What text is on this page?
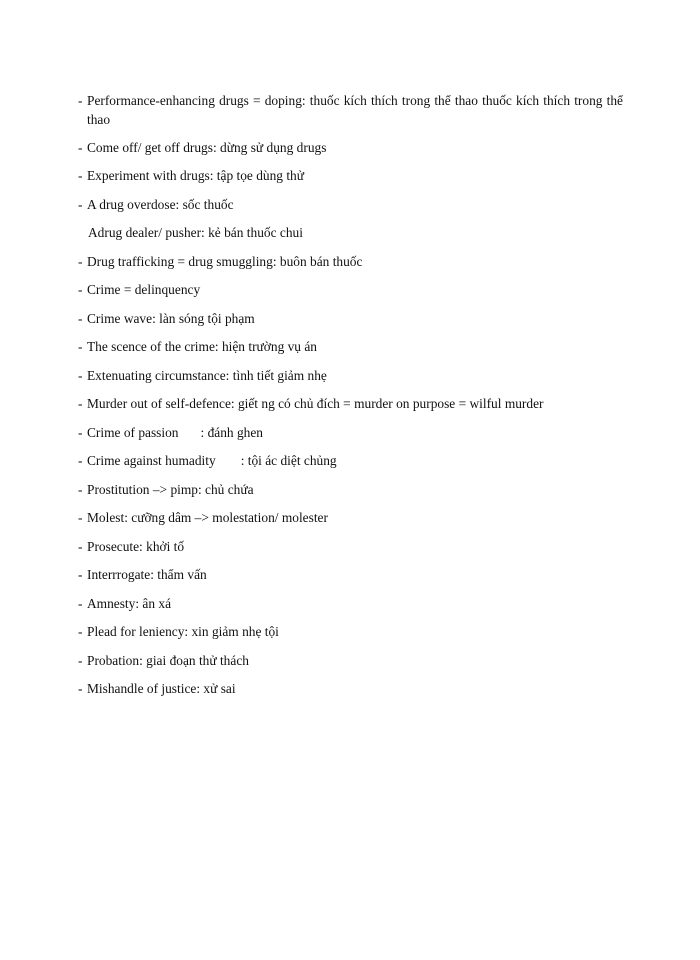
- Performance-enhancing drugs = doping: thuốc kích thích trong thể thao thuốc kích thích trong thể thao
- Come off/ get off drugs: dừng sử dụng drugs
- Experiment with drugs: tập tọe dùng thử
- A drug overdose: sốc thuốc
Adrug dealer/ pusher: kẻ bán thuốc chui
- Drug trafficking = drug smuggling: buôn bán thuốc
- Crime = delinquency
- Crime wave: làn sóng tội phạm
- The scence of the crime: hiện trường vụ án
- Extenuating circumstance: tình tiết giảm nhẹ
- Murder out of self-defence: giết ng có chủ đích = murder on purpose = wilful murder
- Crime of passion : đánh ghen
- Crime against humadity : tội ác diệt chủng
- Prostitution –> pimp: chủ chứa
- Molest: cưỡng dâm –> molestation/ molester
- Prosecute: khởi tố
- Interrrogate: thẩm vấn
- Amnesty: ân xá
- Plead for leniency: xin giảm nhẹ tội
- Probation: giai đoạn thử thách
- Mishandle of justice: xử sai
